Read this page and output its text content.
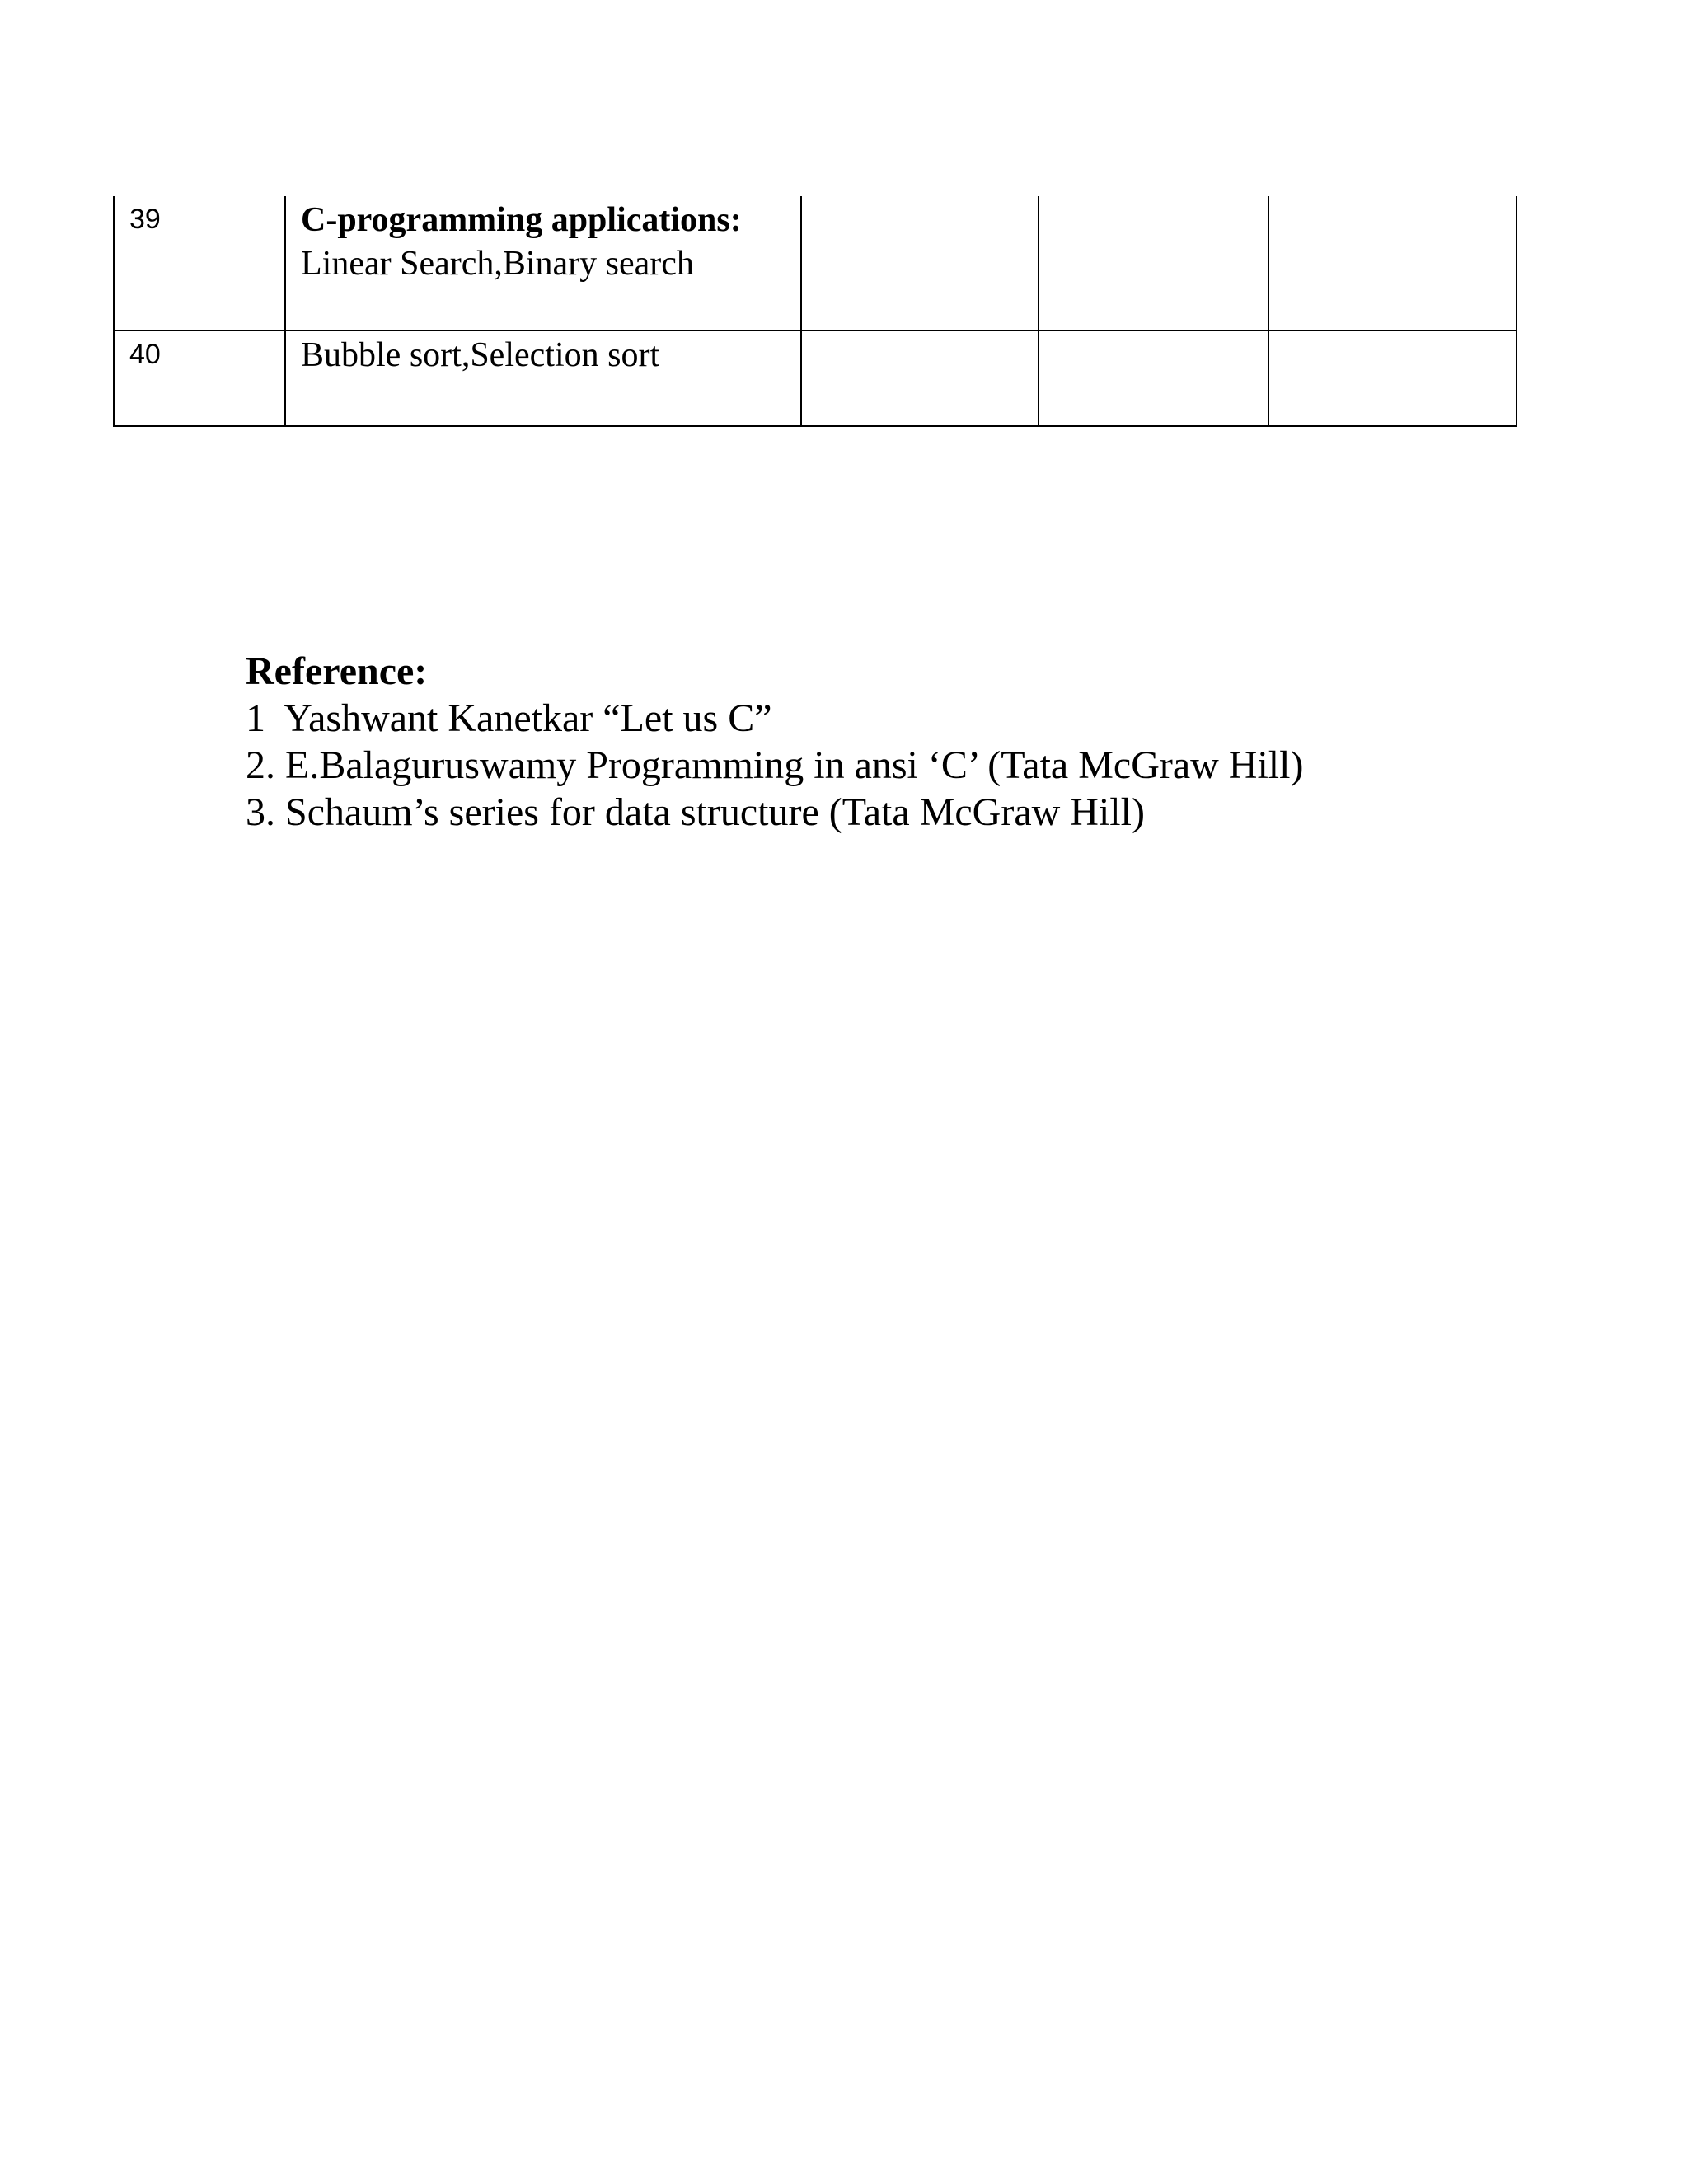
39	C-programming applications: Linear Search,Binary search			

40	Bubble sort,Selection sort			

Reference:
1  Yashwant Kanetkar “Let us C”
2. E.Balaguruswamy Programming in ansi ‘C’ (Tata McGraw Hill)
3. Schaum’s series for data structure (Tata McGraw Hill)
